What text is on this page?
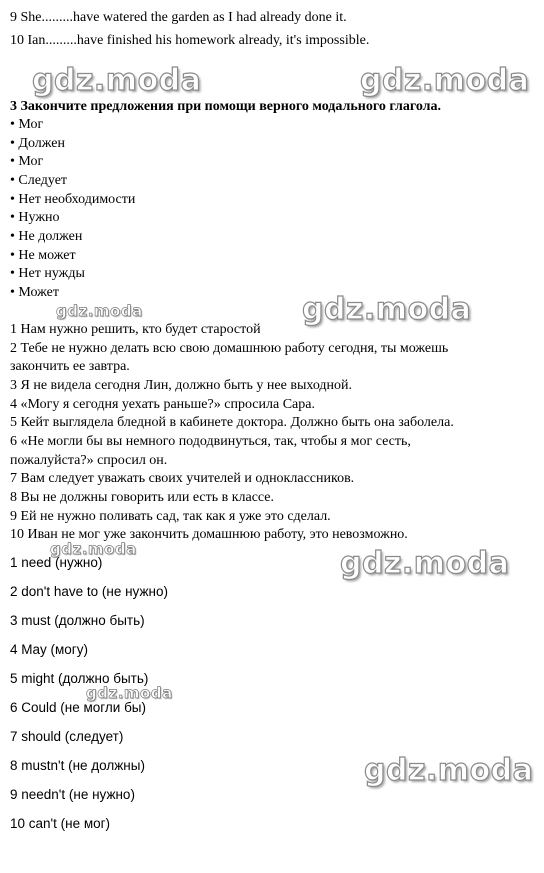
9 She.........have watered the garden as I had already done it.
10 Ian.........have finished his homework already, it's impossible.
3 Закончите предложения при помощи верного модального глагола.
• Мог
• Должен
• Мог
• Следует
• Нет необходимости
• Нужно
• Не должен
• Не может
• Нет нужды
• Может
1 Нам нужно решить, кто будет старостой
2 Тебе не нужно делать всю свою домашнюю работу сегодня, ты можешь
закончить ее завтра.
3 Я не видела сегодня Лин, должно быть у нее выходной.
4 «Могу я сегодня уехать раньше?» спросила Сара.
5 Кейт выглядела бледной в кабинете доктора. Должно быть она заболела.
6 «Не могли бы вы немного пододвинуться, так, чтобы я мог сесть,
пожалуйста?» спросил он.
7 Вам следует уважать своих учителей и одноклассников.
8 Вы не должны говорить или есть в классе.
9 Ей не нужно поливать сад, так как я уже это сделал.
10 Иван не мог уже закончить домашнюю работу, это невозможно.
1 need (нужно)
2 don't have to (не нужно)
3 must (должно быть)
4 May (могу)
5 might (должно быть)
6 Could (не могли бы)
7 should (следует)
8 mustn't (не должны)
9 needn't (не нужно)
10 can't (не мог)
gdz.moda	gdz.moda
gdz.moda	gdz.moda
gdz.moda	gdz.moda
gdz.moda
gdz.moda
